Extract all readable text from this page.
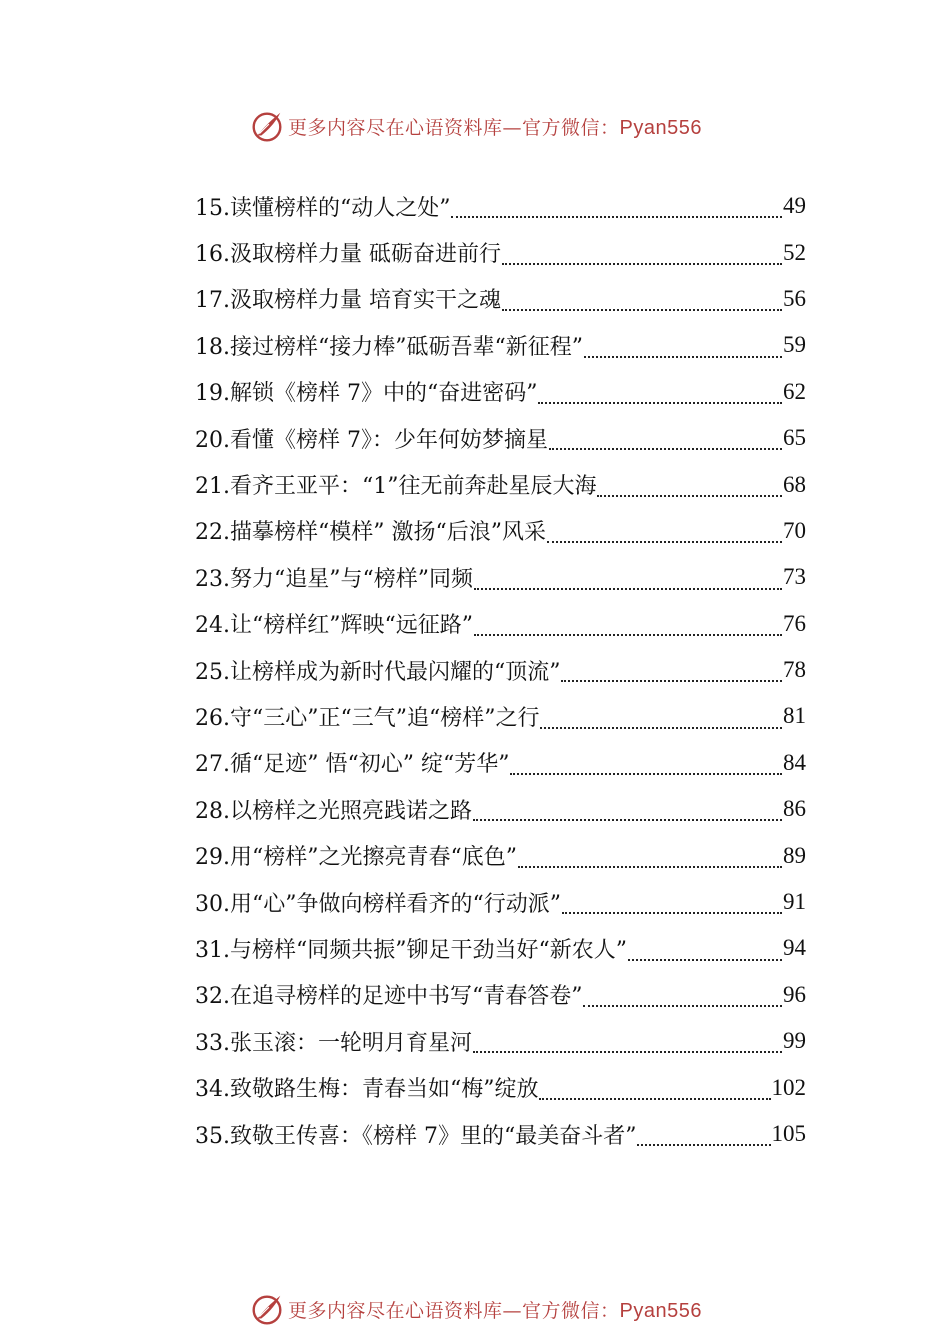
更多内容尽在心语资料库—官方微信：Pyan556
15.读懂榜样的“动人之处”	49
16.汲取榜样力量 砥砺奋进前行	52
17.汲取榜样力量 培育实干之魂	56
18.接过榜样“接力棒”砥砺吾辈“新征程”	59
19.解锁《榜样 7》中的“奋进密码”	62
20.看懂《榜样 7》：少年何妨梦摘星	65
21.看齐王亚平：“1”往无前奔赴星辰大海	68
22.描摹榜样“模样” 激扬“后浪”风采	70
23.努力“追星”与“榜样”同频	73
24.让“榜样红”辉映“远征路”	76
25.让榜样成为新时代最闪耀的“顶流”	78
26.守“三心”正“三气”追“榜样”之行	81
27.循“足迹” 悟“初心” 绽“芳华”	84
28.以榜样之光照亮践诺之路	86
29.用“榜样”之光擦亮青春“底色”	89
30.用“心”争做向榜样看齐的“行动派”	91
31.与榜样“同频共振”铆足干劲当好“新农人”	94
32.在追寻榜样的足迹中书写“青春答卷”	96
33.张玉滚：一轮明月育星河	99
34.致敬路生梅：青春当如“梅”绽放	102
35.致敬王传喜：《榜样 7》里的“最美奋斗者”	105
更多内容尽在心语资料库—官方微信：Pyan556
